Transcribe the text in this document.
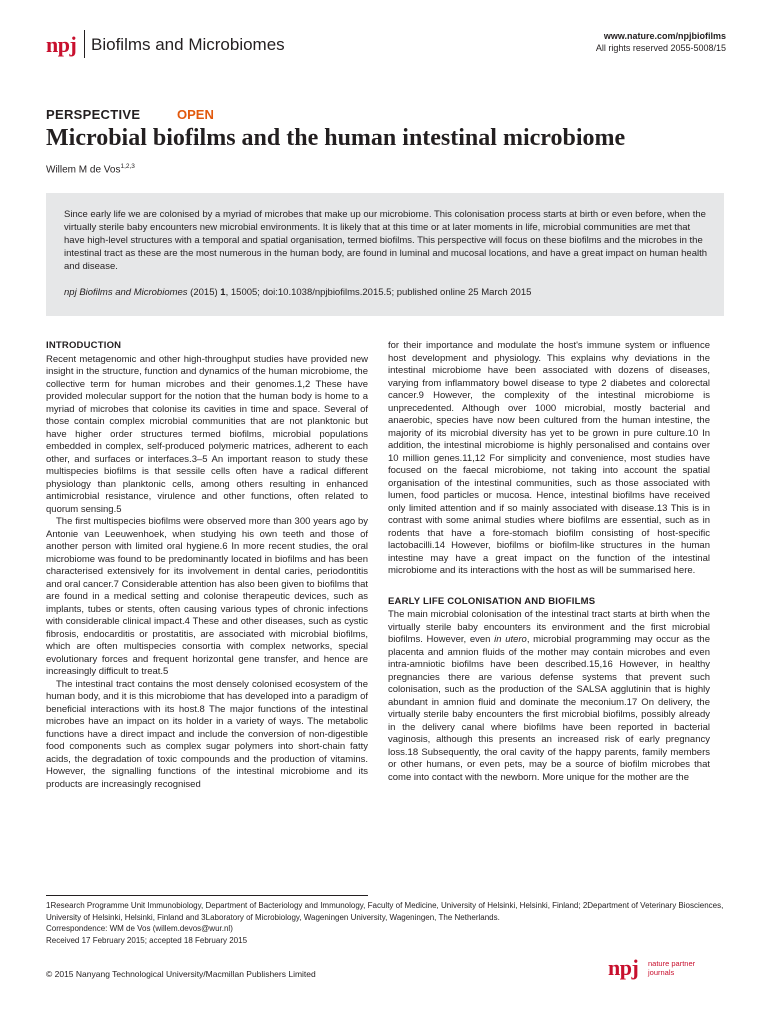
npj Biofilms and Microbiomes	www.nature.com/npjbiofilms
All rights reserved 2055-5008/15
PERSPECTIVE	OPEN
Microbial biofilms and the human intestinal microbiome
Willem M de Vos$^{1,2,3}$
Since early life we are colonised by a myriad of microbes that make up our microbiome. This colonisation process starts at birth or even before, when the virtually sterile baby encounters new microbial environments. It is likely that at this time or at later moments in life, microbial communities are met that have high-level structures with a temporal and spatial organisation, termed biofilms. This perspective will focus on these biofilms and the microbes in the intestinal tract as these are the most numerous in the human body, are found in luminal and mucosal locations, and have a great impact on human health and disease.
npj Biofilms and Microbiomes (2015) 1, 15005; doi:10.1038/npjbiofilms.2015.5; published online 25 March 2015
INTRODUCTION

Recent metagenomic and other high-throughput studies have provided new insight in the structure, function and dynamics of the human microbiome, the collective term for human microbes and their genomes.1,2 These have provided molecular support for the notion that the human body is home to a myriad of microbes that colonise its cavities in time and space. Several of those contain complex microbial communities that are not planktonic but have higher order structures termed biofilms, microbial populations embedded in complex, self-produced polymeric matrices, adherent to each other, and surfaces or interfaces.3–5 An important reason to study these multispecies biofilms is that sessile cells often have a radical different physiology than planktonic cells, among others resulting in enhanced antimicrobial resistance, virulence and other functions, often related to quorum sensing.5

The first multispecies biofilms were observed more than 300 years ago by Antonie van Leeuwenhoek, when studying his own teeth and those of another person with limited oral hygiene.6 In more recent studies, the oral microbiome was found to be predominantly located in biofilms and has been characterised extensively for its involvement in dental caries, periodontitis and oral cancer.7 Considerable attention has also been given to biofilms that are found in a medical setting and colonise therapeutic devices, such as implants, tubes or stents, often causing various types of chronic infections with considerable clinical impact.4 These and other diseases, such as cystic fibrosis, endocarditis or prostatitis, are associated with microbial biofilms, which are often multispecies consortia with complex networks, special evolutionary forces and frequent horizontal gene transfer, and hence are increasingly difficult to treat.5

The intestinal tract contains the most densely colonised ecosystem of the human body, and it is this microbiome that has developed into a paradigm of beneficial interactions with its host.8 The major functions of the intestinal microbes have an impact on its holder in a variety of ways. The metabolic functions have a direct impact and include the conversion of non-digestible food components such as complex sugar polymers into short-chain fatty acids, the degradation of toxic compounds and the production of vitamins. However, the signalling functions of the intestinal microbiome and its products are increasingly recognised

for their importance and modulate the host's immune system or influence host development and physiology. This explains why deviations in the intestinal microbiome have been associated with dozens of diseases, varying from inflammatory bowel disease to type 2 diabetes and colorectal cancer.9 However, the complexity of the intestinal microbiome is unprecedented. Although over 1000 microbial, mostly bacterial and anaerobic, species have now been cultured from the human intestine, the majority of its microbial diversity has yet to be grown in pure culture.10 In addition, the intestinal microbiome is highly personalised and contains over 10 million genes.11,12 For simplicity and convenience, most studies have focused on the faecal microbiome, not taking into account the spatial organisation of the intestinal communities, such as those associated with lumen, food particles or mucosa. Hence, intestinal biofilms have received only limited attention and if so mainly associated with disease.13 This is in contrast with some animal studies where biofilms are essential, such as in rodents that have a fore-stomach biofilm consisting of host-specific lactobacilli.14 However, biofilms or biofilm-like structures in the human intestine may have a great impact on the function of the intestinal microbiome and its interactions with the host as will be summarised here.

EARLY LIFE COLONISATION AND BIOFILMS

The main microbial colonisation of the intestinal tract starts at birth when the virtually sterile baby encounters its environment and the first microbial biofilms. However, even in utero, microbial programming may occur as the placenta and amnion fluids of the mother may contain microbes and even intra-amniotic biofilms have been described.15,16 However, in healthy pregnancies there are various defense systems that prevent such colonisation, such as the production of the SALSA agglutinin that is highly abundant in amnion fluid and dominate the meconium.17 On delivery, the virtually sterile baby encounters the first microbial biofilms, possibly already in the delivery canal where biofilms have been reported in bacterial vaginosis, although this presents an increased risk of early pregnancy loss.18 Subsequently, the oral cavity of the happy parents, family members or other humans, or even pets, may be a source of biofilm microbes that come into contact with the newborn. More unique for the mother are the

1Research Programme Unit Immunobiology, Department of Bacteriology and Immunology, Faculty of Medicine, University of Helsinki, Helsinki, Finland; 2Department of Veterinary Biosciences, University of Helsinki, Helsinki, Finland and 3Laboratory of Microbiology, Wageningen University, Wageningen, The Netherlands.
Correspondence: WM de Vos (willem.devos@wur.nl)
Received 17 February 2015; accepted 18 February 2015
© 2015 Nanyang Technological University/Macmillan Publishers Limited	npj nature partner
journals
